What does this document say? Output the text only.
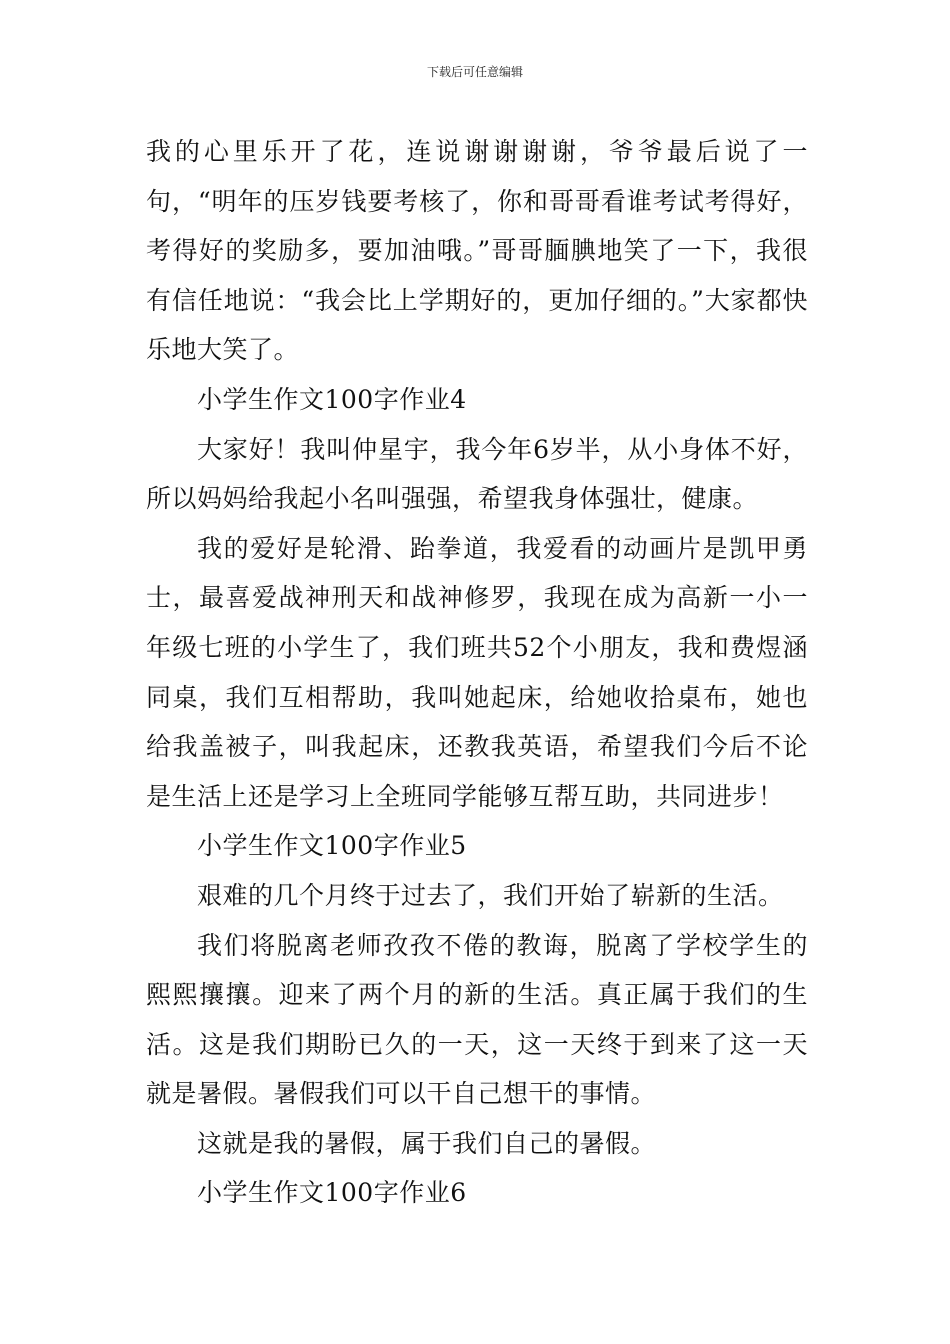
下载后可任意编辑

我的心里乐开了花，连说谢谢谢谢，爷爷最后说了一句，“明年的压岁钱要考核了，你和哥哥看谁考试考得好，考得好的奖励多，要加油哦。”哥哥腼腆地笑了一下，我很有信任地说：“我会比上学期好的，更加仔细的。”大家都快乐地大笑了。

小学生作文100字作业4

大家好！我叫仲星宇，我今年6岁半，从小身体不好，所以妈妈给我起小名叫强强，希望我身体强壮，健康。

我的爱好是轮滑、跆拳道，我爱看的动画片是凯甲勇士，最喜爱战神刑天和战神修罗，我现在成为高新一小一年级七班的小学生了，我们班共52个小朋友，我和费煜涵同桌，我们互相帮助，我叫她起床，给她收拾桌布，她也给我盖被子，叫我起床，还教我英语，希望我们今后不论是生活上还是学习上全班同学能够互帮互助，共同进步！

小学生作文100字作业5

艰难的几个月终于过去了，我们开始了崭新的生活。

我们将脱离老师孜孜不倦的教诲，脱离了学校学生的熙熙攘攘。迎来了两个月的新的生活。真正属于我们的生活。这是我们期盼已久的一天，这一天终于到来了这一天就是暑假。暑假我们可以干自己想干的事情。

这就是我的暑假，属于我们自己的暑假。

小学生作文100字作业6
